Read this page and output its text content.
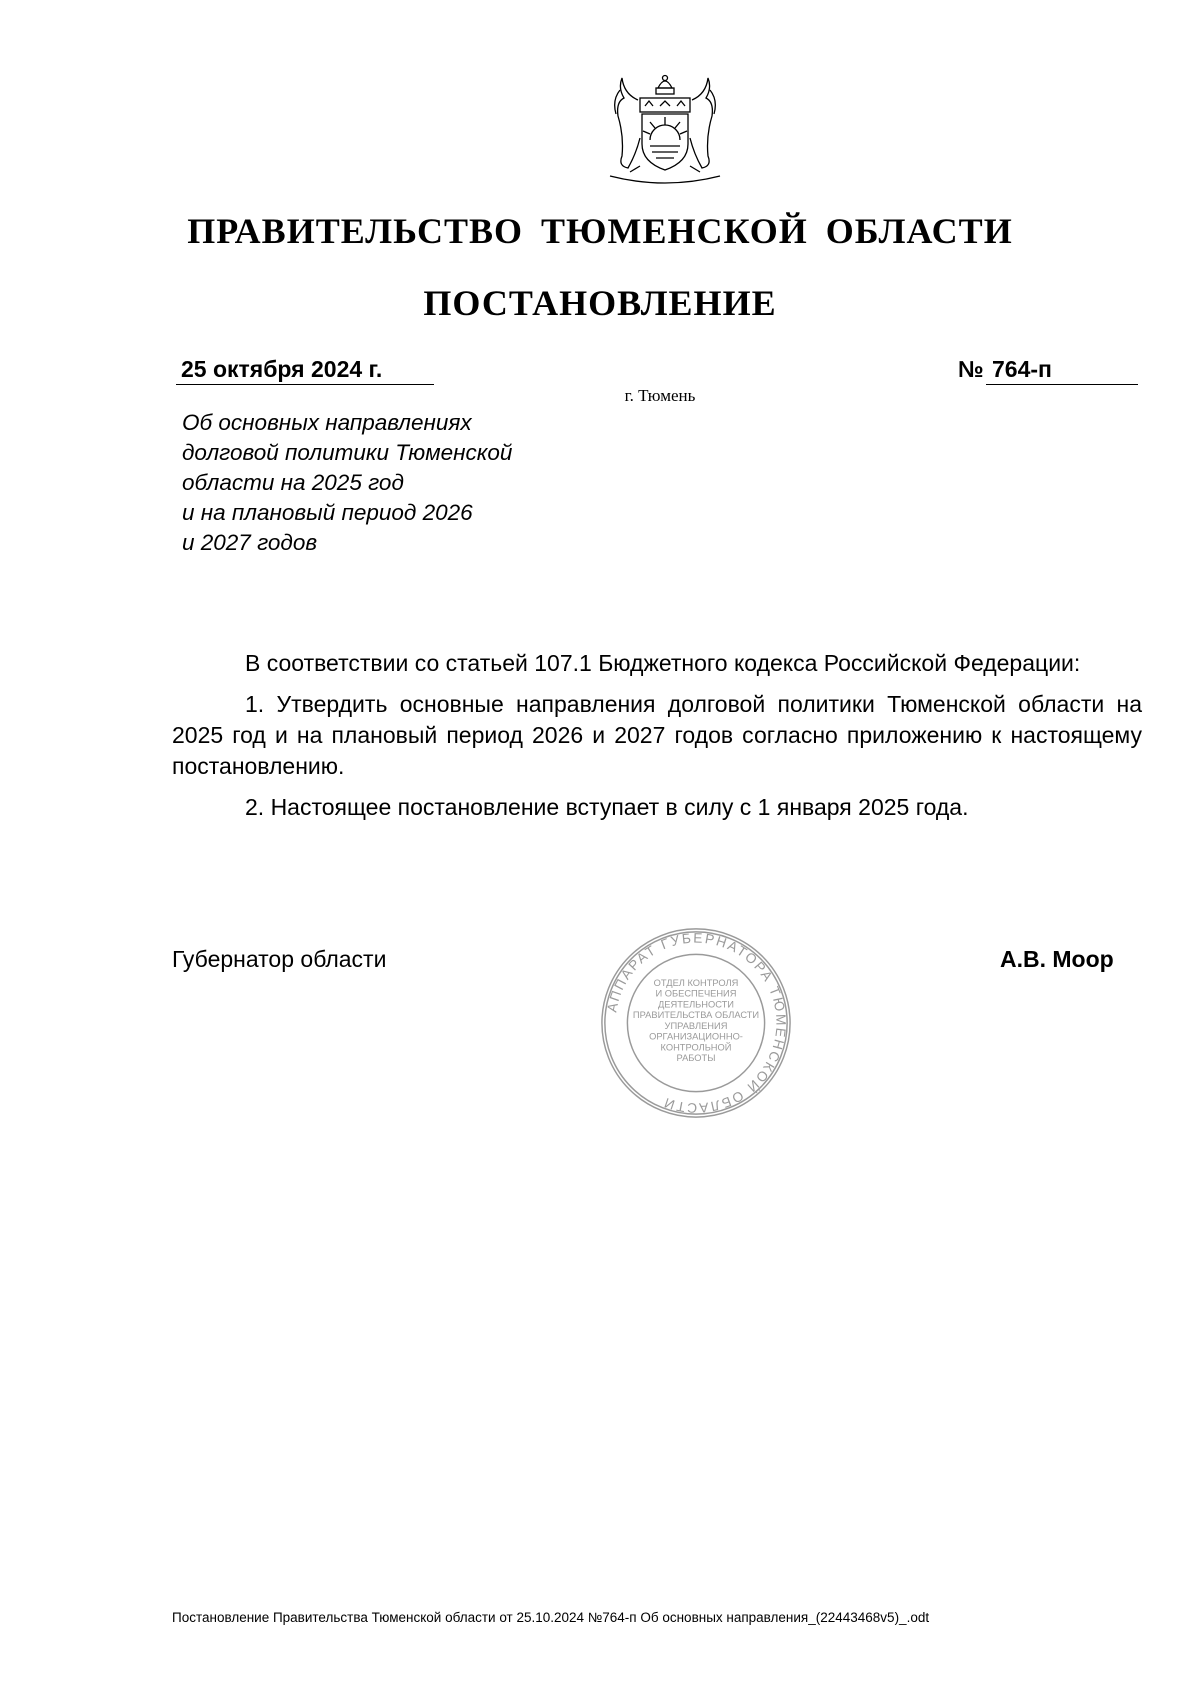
ПРАВИТЕЛЬСТВО ТЮМЕНСКОЙ ОБЛАСТИ
ПОСТАНОВЛЕНИЕ
25 октября 2024 г.	№ 764-п
г. Тюмень
Об основных направлениях
долговой политики Тюменской
области на 2025 год
и на плановый период 2026
и 2027 годов

В соответствии со статьей 107.1 Бюджетного кодекса Российской Федерации:

1. Утвердить основные направления долговой политики Тюменской области на 2025 год и на плановый период 2026 и 2027 годов согласно приложению к настоящему постановлению.

2. Настоящее постановление вступает в силу с 1 января 2025 года.

Губернатор области	А.В. Моор
АППАРАТ ГУБЕРНАТОРА ТЮМЕНСКОЙ ОБЛАСТИ
ОТДЕЛ КОНТРОЛЯ
И ОБЕСПЕЧЕНИЯ
ДЕЯТЕЛЬНОСТИ
ПРАВИТЕЛЬСТВА ОБЛАСТИ
УПРАВЛЕНИЯ
ОРГАНИЗАЦИОННО-
КОНТРОЛЬНОЙ
РАБОТЫ
Постановление Правительства Тюменской области от 25.10.2024 №764-п Об основных направления_(22443468v5)_.odt
